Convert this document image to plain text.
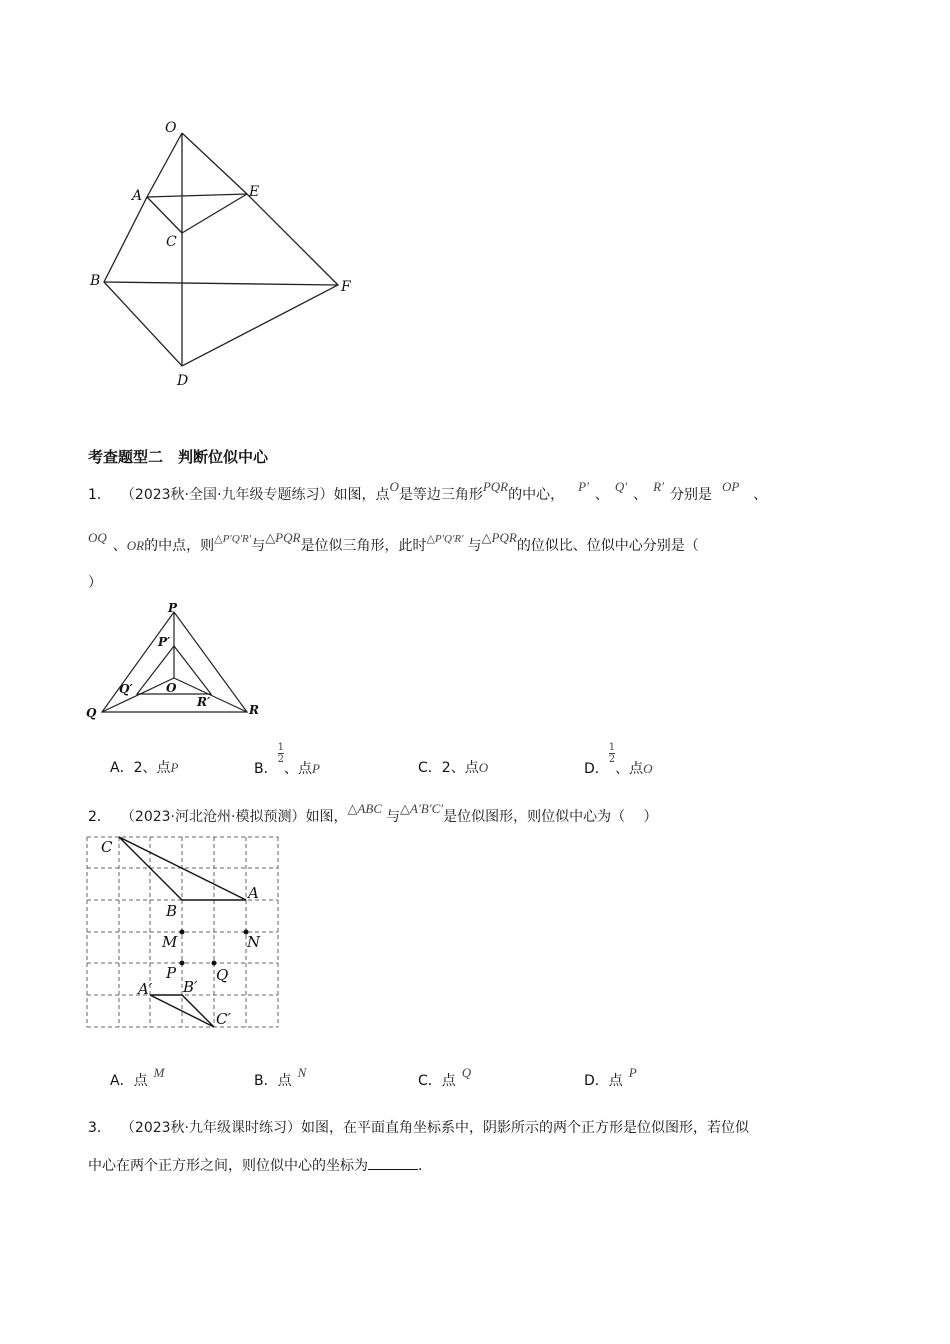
O
A	E
C
B	F
D
考查题型二　判断位似中心
1． （2023秋·全国·九年级专题练习）如图，点O是等边三角形PQR的中心，P′、Q′、R′分别是OP、
OQ、OR的中点，则$^{\triangle P'Q'R'}$与△PQR是位似三角形，此时$^{\triangle P'Q'R'}$ 与△PQR的位似比、位似中心分别是（
）
P
P′
Q′	O
R′
Q	R
A．2、点P	B．
$\frac{1}{2}$
、点P	C．2、点O	D．
$\frac{1}{2}$
、点O
2． （2023·河北沧州·模拟预测）如图，△ABC与△A′B′C′是位似图形，则位似中心为（　 ）
C
A
B
M	N
P	Q
A′ B′
C′
A．点M
B．点N
C．点Q
D．点P
3． （2023秋·九年级课时练习）如图，在平面直角坐标系中，阴影所示的两个正方形是位似图形，若位似
中心在两个正方形之间，则位似中心的坐标为	.
